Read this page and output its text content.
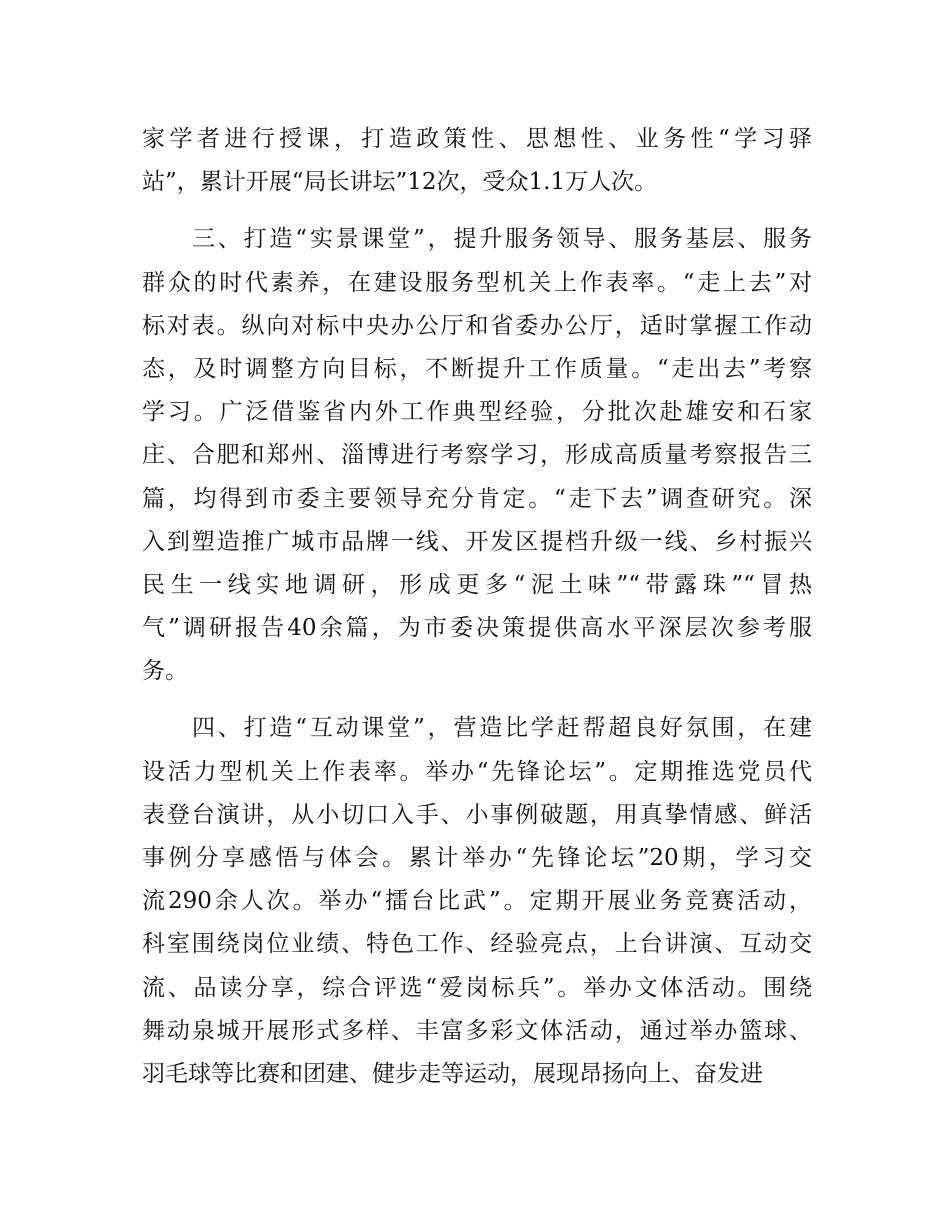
家学者进行授课，打造政策性、思想性、业务性“学习驿
站”，累计开展“局长讲坛”12次，受众1.1万人次。
三、打造“实景课堂”，提升服务领导、服务基层、服务
群众的时代素养，在建设服务型机关上作表率。“走上去”对
标对表。纵向对标中央办公厅和省委办公厅，适时掌握工作动
态，及时调整方向目标，不断提升工作质量。“走出去”考察
学习。广泛借鉴省内外工作典型经验，分批次赴雄安和石家
庄、合肥和郑州、淄博进行考察学习，形成高质量考察报告三
篇，均得到市委主要领导充分肯定。“走下去”调查研究。深
入到塑造推广城市品牌一线、开发区提档升级一线、乡村振兴
民生一线实地调研，形成更多“泥土味”“带露珠”“冒热
气”调研报告40余篇，为市委决策提供高水平深层次参考服
务。
四、打造“互动课堂”，营造比学赶帮超良好氛围，在建
设活力型机关上作表率。举办“先锋论坛”。定期推选党员代
表登台演讲，从小切口入手、小事例破题，用真挚情感、鲜活
事例分享感悟与体会。累计举办“先锋论坛”20期，学习交
流290余人次。举办“擂台比武”。定期开展业务竞赛活动，
科室围绕岗位业绩、特色工作、经验亮点，上台讲演、互动交
流、品读分享，综合评选“爱岗标兵”。举办文体活动。围绕
舞动泉城开展形式多样、丰富多彩文体活动，通过举办篮球、
羽毛球等比赛和团建、健步走等运动，展现昂扬向上、奋发进
